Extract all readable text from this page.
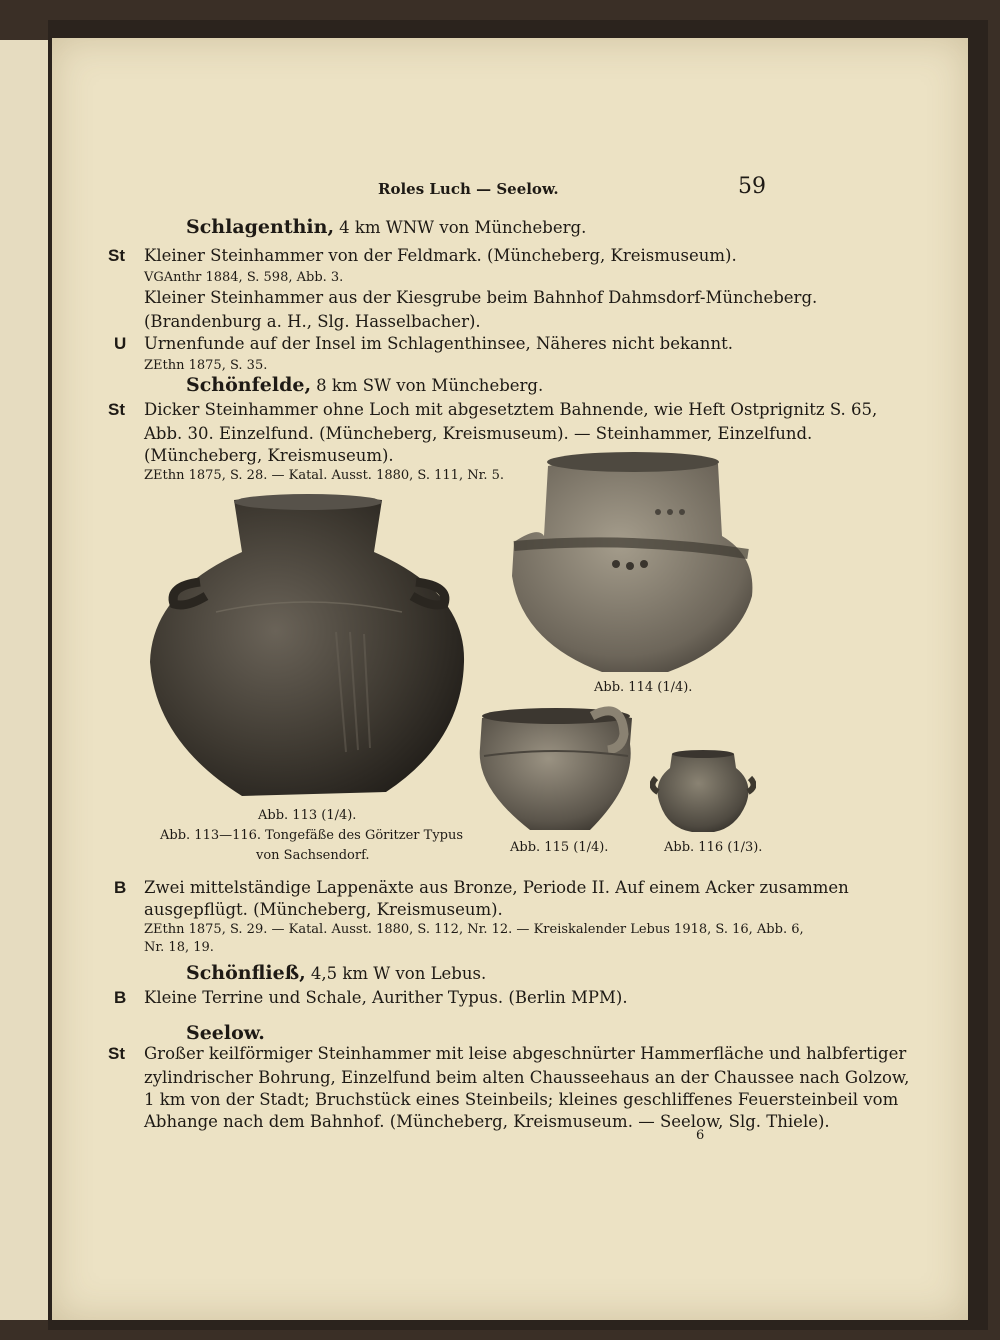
Roles Luch — Seelow.	59
Schlagenthin, 4 km WNW von Müncheberg.
St Kleiner Steinhammer von der Feldmark. (Müncheberg, Kreismuseum).
VGAnthr 1884, S. 598, Abb. 3.
Kleiner Steinhammer aus der Kiesgrube beim Bahnhof Dahmsdorf-Müncheberg.
(Brandenburg a. H., Slg. Hasselbacher).
U Urnenfunde auf der Insel im Schlagenthinsee, Näheres nicht bekannt.
ZEthn 1875, S. 35.
Schönfelde, 8 km SW von Müncheberg.
St Dicker Steinhammer ohne Loch mit abgesetztem Bahnende, wie Heft Ostprignitz S. 65,
Abb. 30. Einzelfund. (Müncheberg, Kreismuseum). — Steinhammer, Einzelfund.
(Müncheberg, Kreismuseum).
ZEthn 1875, S. 28. — Katal. Ausst. 1880, S. 111, Nr. 5.
Abb. 113 (1/4).
Abb. 113—116. Tongefäße des Göritzer Typus
von Sachsendorf.
Abb. 114 (1/4).
Abb. 115 (1/4).	Abb. 116 (1/3).
B Zwei mittelständige Lappenäxte aus Bronze, Periode II. Auf einem Acker zusammen
ausgepflügt. (Müncheberg, Kreismuseum).
ZEthn 1875, S. 29. — Katal. Ausst. 1880, S. 112, Nr. 12. — Kreiskalender Lebus 1918, S. 16, Abb. 6,
Nr. 18, 19.
Schönfließ, 4,5 km W von Lebus.
B Kleine Terrine und Schale, Aurither Typus. (Berlin MPM).
Seelow.
St Großer keilförmiger Steinhammer mit leise abgeschnürter Hammerfläche und halbfertiger
zylindrischer Bohrung, Einzelfund beim alten Chausseehaus an der Chaussee nach Golzow,
1 km von der Stadt; Bruchstück eines Steinbeils; kleines geschliffenes Feuersteinbeil vom
Abhange nach dem Bahnhof. (Müncheberg, Kreismuseum. — Seelow, Slg. Thiele).
6
